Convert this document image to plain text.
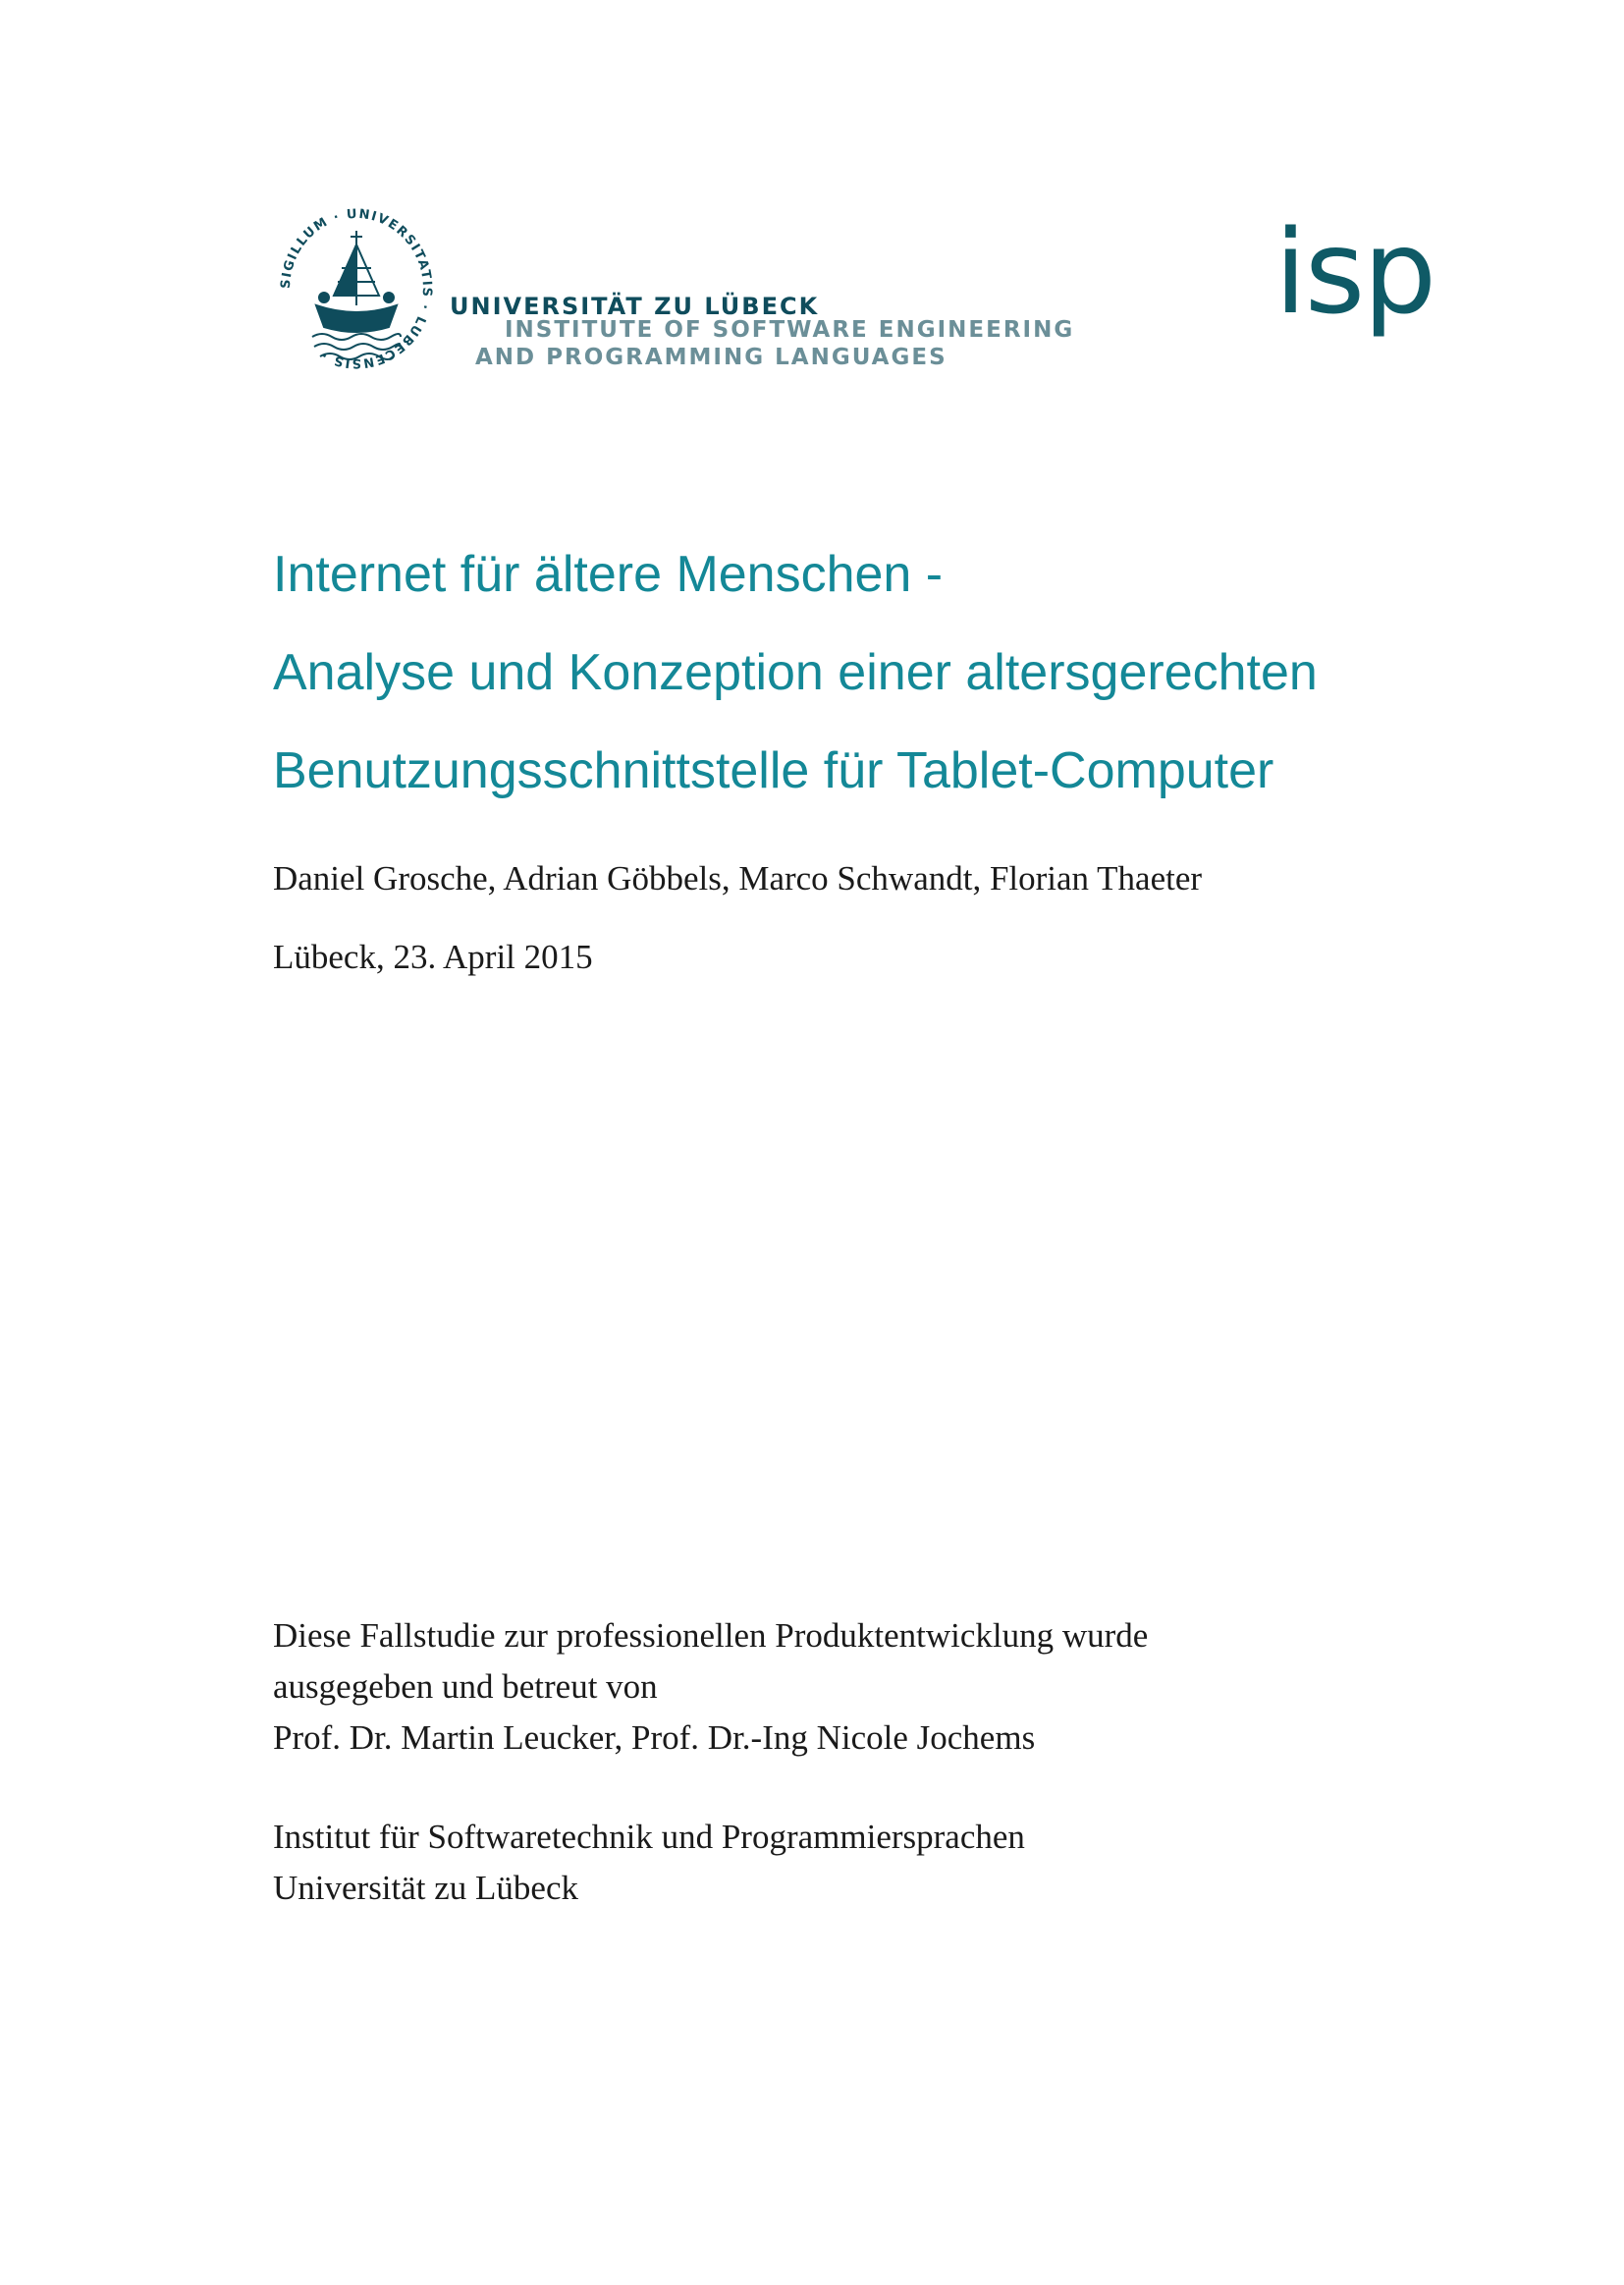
SIGILLUM · UNIVERSITATIS · LUBECENSIS ·
UNIVERSITÄT ZU LÜBECK
INSTITUTE OF SOFTWARE ENGINEERING
AND PROGRAMMING LANGUAGES
isp
Internet für ältere Menschen -
Analyse und Konzeption einer altersgerechten
Benutzungsschnittstelle für Tablet-Computer
Daniel Grosche, Adrian Göbbels, Marco Schwandt, Florian Thaeter
Lübeck, 23. April 2015
Diese Fallstudie zur professionellen Produktentwicklung wurde
ausgegeben und betreut von
Prof. Dr. Martin Leucker, Prof. Dr.-Ing Nicole Jochems
Institut für Softwaretechnik und Programmiersprachen
Universität zu Lübeck
